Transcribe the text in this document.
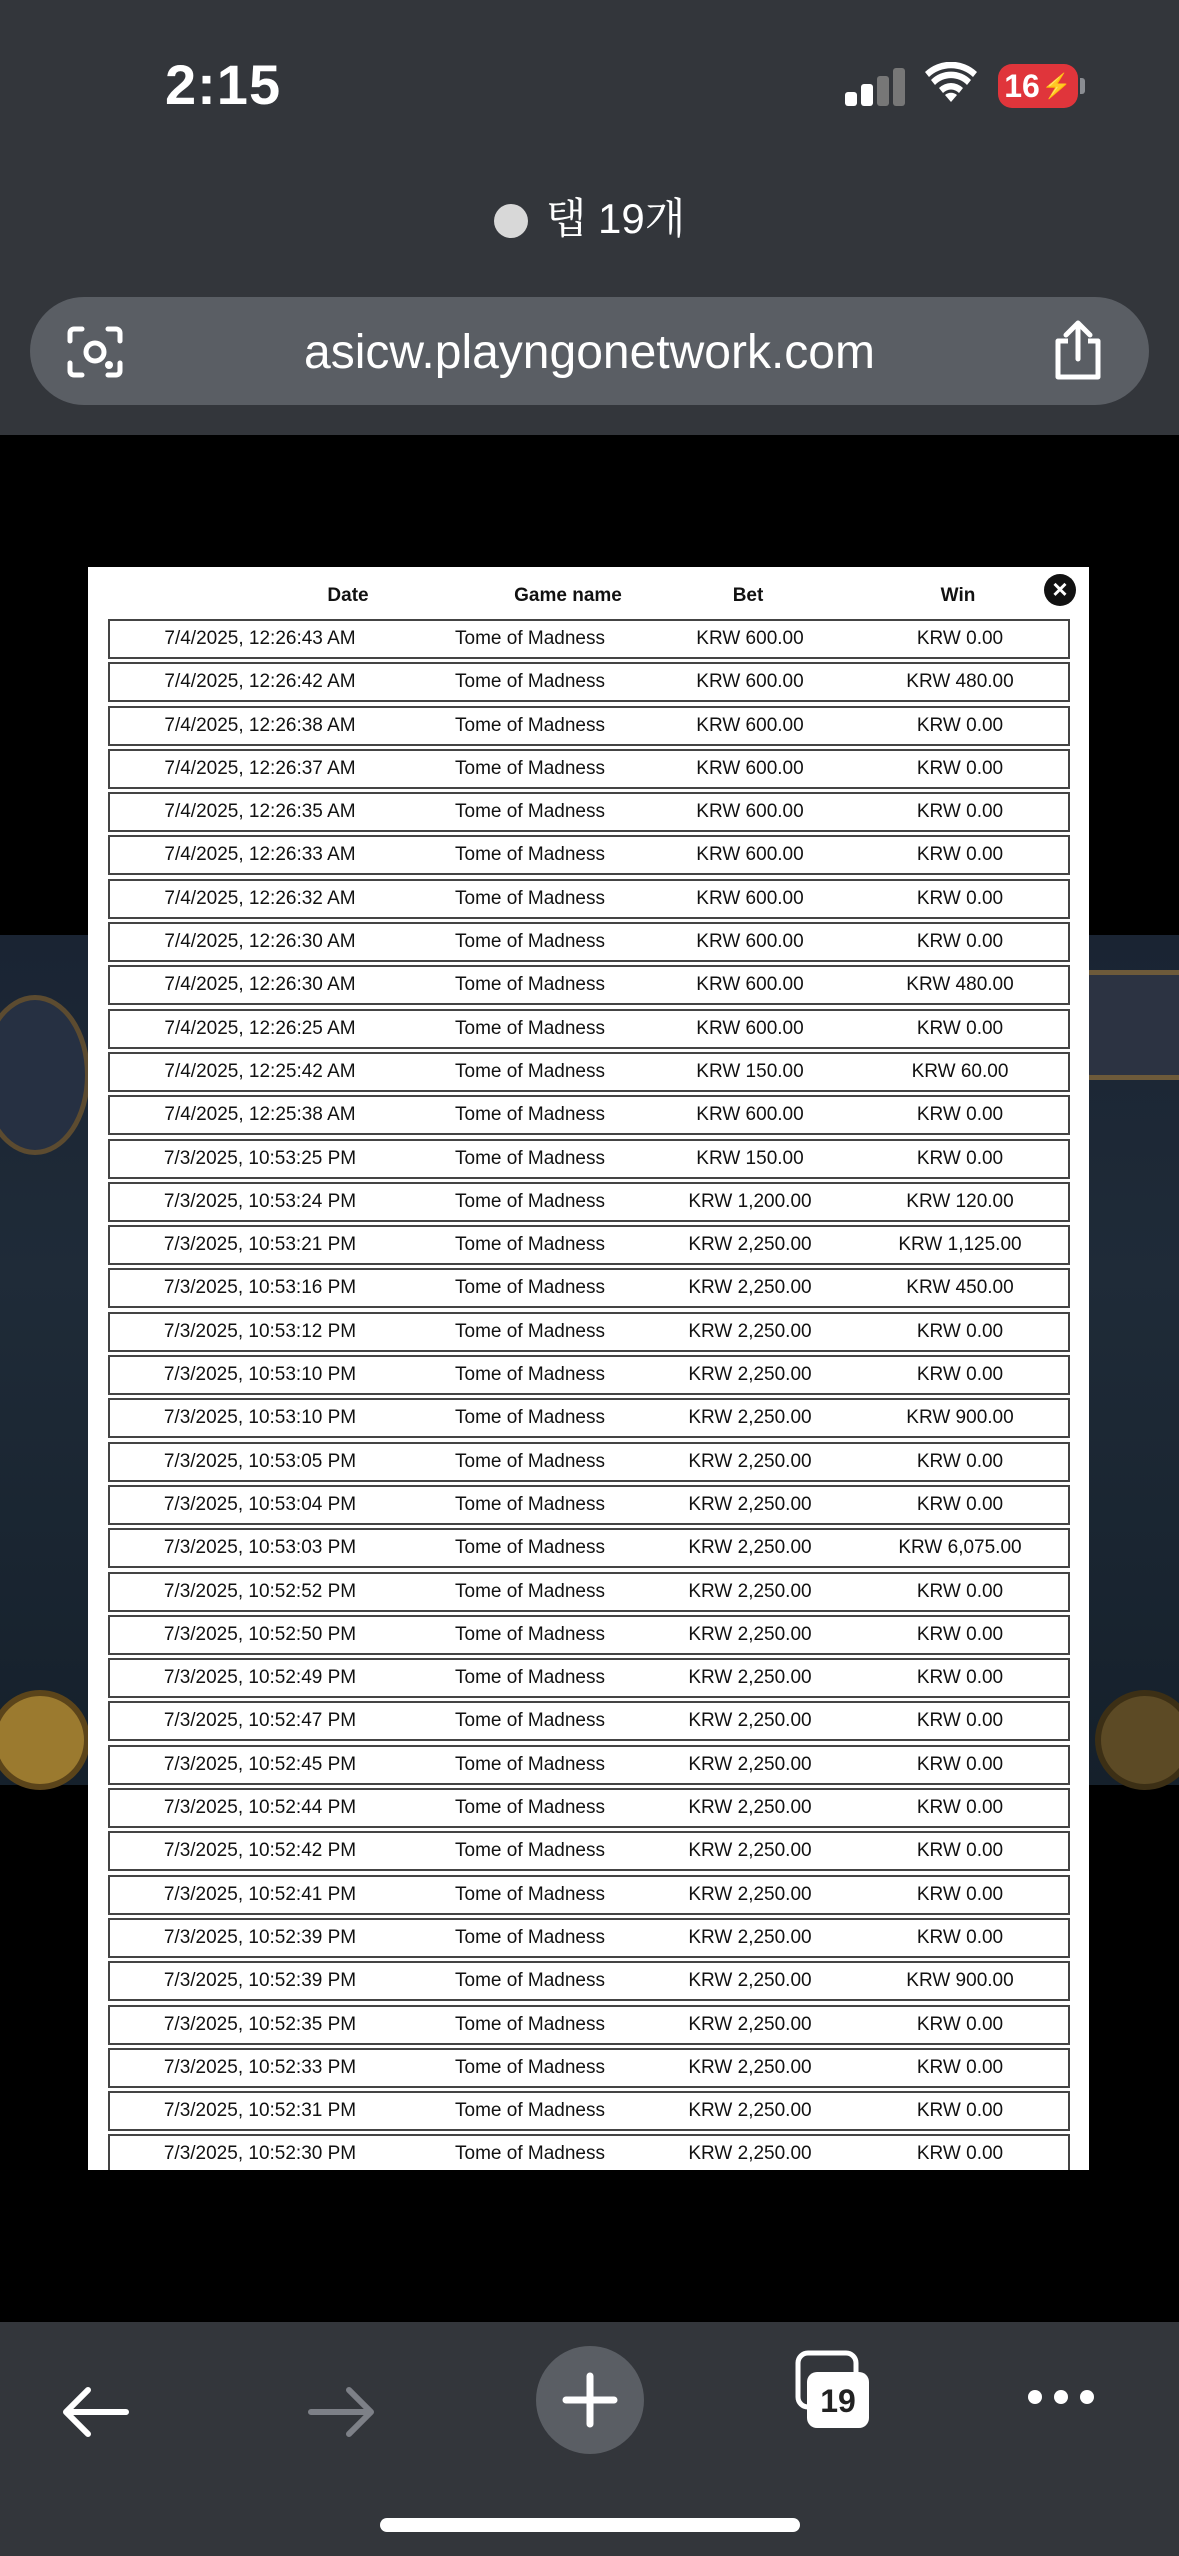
2:15	16 ⚡
탭 19개
asicw.playngonetwork.com
×
Date	Game name	Bet	Win
7/4/2025, 12:26:43 AM	Tome of Madness	KRW 600.00	KRW 0.00
7/4/2025, 12:26:42 AM	Tome of Madness	KRW 600.00	KRW 480.00
7/4/2025, 12:26:38 AM	Tome of Madness	KRW 600.00	KRW 0.00
7/4/2025, 12:26:37 AM	Tome of Madness	KRW 600.00	KRW 0.00
7/4/2025, 12:26:35 AM	Tome of Madness	KRW 600.00	KRW 0.00
7/4/2025, 12:26:33 AM	Tome of Madness	KRW 600.00	KRW 0.00
7/4/2025, 12:26:32 AM	Tome of Madness	KRW 600.00	KRW 0.00
7/4/2025, 12:26:30 AM	Tome of Madness	KRW 600.00	KRW 0.00
7/4/2025, 12:26:30 AM	Tome of Madness	KRW 600.00	KRW 480.00
7/4/2025, 12:26:25 AM	Tome of Madness	KRW 600.00	KRW 0.00
7/4/2025, 12:25:42 AM	Tome of Madness	KRW 150.00	KRW 60.00
7/4/2025, 12:25:38 AM	Tome of Madness	KRW 600.00	KRW 0.00
7/3/2025, 10:53:25 PM	Tome of Madness	KRW 150.00	KRW 0.00
7/3/2025, 10:53:24 PM	Tome of Madness	KRW 1,200.00	KRW 120.00
7/3/2025, 10:53:21 PM	Tome of Madness	KRW 2,250.00	KRW 1,125.00
7/3/2025, 10:53:16 PM	Tome of Madness	KRW 2,250.00	KRW 450.00
7/3/2025, 10:53:12 PM	Tome of Madness	KRW 2,250.00	KRW 0.00
7/3/2025, 10:53:10 PM	Tome of Madness	KRW 2,250.00	KRW 0.00
7/3/2025, 10:53:10 PM	Tome of Madness	KRW 2,250.00	KRW 900.00
7/3/2025, 10:53:05 PM	Tome of Madness	KRW 2,250.00	KRW 0.00
7/3/2025, 10:53:04 PM	Tome of Madness	KRW 2,250.00	KRW 0.00
7/3/2025, 10:53:03 PM	Tome of Madness	KRW 2,250.00	KRW 6,075.00
7/3/2025, 10:52:52 PM	Tome of Madness	KRW 2,250.00	KRW 0.00
7/3/2025, 10:52:50 PM	Tome of Madness	KRW 2,250.00	KRW 0.00
7/3/2025, 10:52:49 PM	Tome of Madness	KRW 2,250.00	KRW 0.00
7/3/2025, 10:52:47 PM	Tome of Madness	KRW 2,250.00	KRW 0.00
7/3/2025, 10:52:45 PM	Tome of Madness	KRW 2,250.00	KRW 0.00
7/3/2025, 10:52:44 PM	Tome of Madness	KRW 2,250.00	KRW 0.00
7/3/2025, 10:52:42 PM	Tome of Madness	KRW 2,250.00	KRW 0.00
7/3/2025, 10:52:41 PM	Tome of Madness	KRW 2,250.00	KRW 0.00
7/3/2025, 10:52:39 PM	Tome of Madness	KRW 2,250.00	KRW 0.00
7/3/2025, 10:52:39 PM	Tome of Madness	KRW 2,250.00	KRW 900.00
7/3/2025, 10:52:35 PM	Tome of Madness	KRW 2,250.00	KRW 0.00
7/3/2025, 10:52:33 PM	Tome of Madness	KRW 2,250.00	KRW 0.00
7/3/2025, 10:52:31 PM	Tome of Madness	KRW 2,250.00	KRW 0.00
7/3/2025, 10:52:30 PM	Tome of Madness	KRW 2,250.00	KRW 0.00
19
